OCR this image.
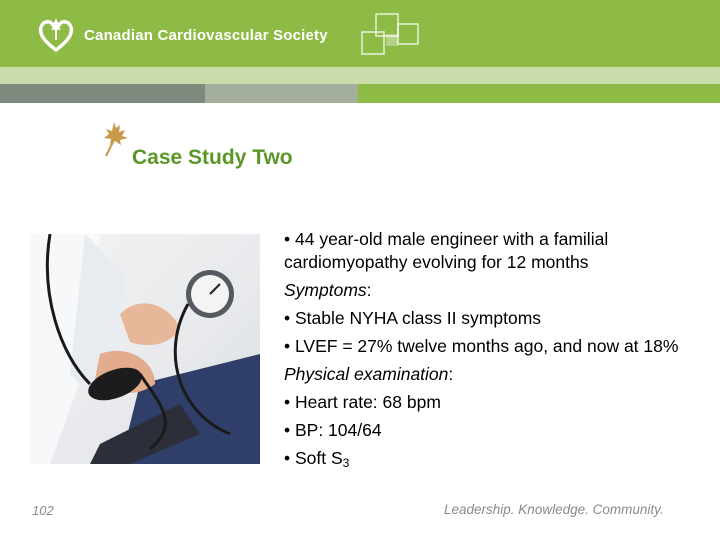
Canadian Cardiovascular Society
Case Study Two

• 44 year-old male engineer with a familial cardiomyopathy evolving for 12 months

Symptoms:

• Stable NYHA class II symptoms

• LVEF = 27% twelve months ago, and now at 18%

Physical examination:

• Heart rate: 68 bpm

• BP: 104/64

• Soft $S_3$

102	Leadership. Knowledge. Community.
